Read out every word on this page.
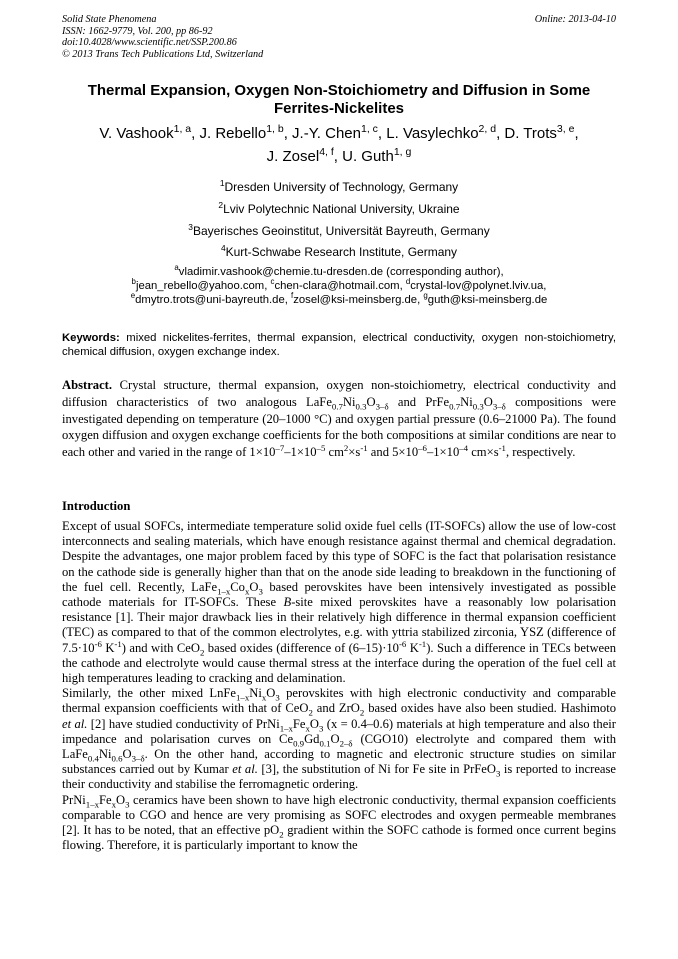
Solid State Phenomena
ISSN: 1662-9779, Vol. 200, pp 86-92
doi:10.4028/www.scientific.net/SSP.200.86
© 2013 Trans Tech Publications Ltd, Switzerland
Online: 2013-04-10
Thermal Expansion, Oxygen Non-Stoichiometry and Diffusion in Some
Ferrites-Nickelites
V. Vashook$^{1, a}$, J. Rebello$^{1, b}$, J.-Y. Chen$^{1, c}$, L. Vasylechko$^{2, d}$, D. Trots$^{3, e}$,
J. Zosel$^{4, f}$, U. Guth$^{1, g}$
$^1$Dresden University of Technology, Germany
$^2$Lviv Polytechnic National University, Ukraine
$^3$Bayerisches Geoinstitut, Universität Bayreuth, Germany
$^4$Kurt-Schwabe Research Institute, Germany
$^a$vladimir.vashook@chemie.tu-dresden.de (corresponding author),
$^b$jean_rebello@yahoo.com, $^c$chen-clara@hotmail.com, $^d$crystal-lov@polynet.lviv.ua,
$^e$dmytro.trots@uni-bayreuth.de, $^f$zosel@ksi-meinsberg.de, $^g$guth@ksi-meinsberg.de
Keywords: mixed nickelites-ferrites, thermal expansion, electrical conductivity, oxygen non-stoichiometry, chemical diffusion, oxygen exchange index.
Abstract. Crystal structure, thermal expansion, oxygen non-stoichiometry, electrical conductivity and diffusion characteristics of two analogous $LaFe_{0.7}Ni_{0.3}O_{3-\delta}$ and $PrFe_{0.7}Ni_{0.3}O_{3-\delta}$ compositions were investigated depending on temperature (20–1000 °C) and oxygen partial pressure (0.6–21000 Pa). The found oxygen diffusion and oxygen exchange coefficients for the both compositions at similar conditions are near to each other and varied in the range of $1\times 10^{-7}-1\times 10^{-5}$ $cm^2\times s^{-1}$ and $5\times 10^{-6}-1\times 10^{-4}$ $cm\times s^{-1}$, respectively.
Introduction

Except of usual SOFCs, intermediate temperature solid oxide fuel cells (IT-SOFCs) allow the use of low-cost interconnects and sealing materials, which have enough resistance against thermal and chemical degradation. Despite the advantages, one major problem faced by this type of SOFC is the fact that polarisation resistance on the cathode side is generally higher than that on the anode side leading to breakdown in the functioning of the fuel cell. Recently, $LaFe_{1-x}Co_xO_3$ based perovskites have been intensively investigated as possible cathode materials for IT-SOFCs. These B-site mixed perovskites have a reasonably low polarisation resistance [1]. Their major drawback lies in their relatively high difference in thermal expansion coefficient (TEC) as compared to that of the common electrolytes, e.g. with yttria stabilized zirconia, YSZ (difference of $7.5\cdot 10^{-6}$ $K^{-1}$) and with CeO$_2$ based oxides (difference of $(6-15)\cdot 10^{-6}$ $K^{-1}$). Such a difference in TECs between the cathode and electrolyte would cause thermal stress at the interface during the operation of the fuel cell at high temperatures leading to cracking and delamination.

Similarly, the other mixed $LnFe_{1-x}Ni_xO_3$ perovskites with high electronic conductivity and comparable thermal expansion coefficients with that of CeO$_2$ and ZrO$_2$ based oxides have also been studied. Hashimoto et al. [2] have studied conductivity of $PrNi_{1-x}Fe_xO_3$ (x = 0.4–0.6) materials at high temperature and also their impedance and polarisation curves on $Ce_{0.9}Gd_{0.1}O_{2-\delta}$ (CGO10) electrolyte and compared them with $LaFe_{0.4}Ni_{0.6}O_{3-\delta}$. On the other hand, according to magnetic and electronic structure studies on similar substances carried out by Kumar et al. [3], the substitution of Ni for Fe site in PrFeO$_3$ is reported to increase their conductivity and stabilise the ferromagnetic ordering.

$PrNi_{1-x}Fe_xO_3$ ceramics have been shown to have high electronic conductivity, thermal expansion coefficients comparable to CGO and hence are very promising as SOFC electrodes and oxygen permeable membranes [2]. It has to be noted, that an effective $pO_2$ gradient within the SOFC cathode is formed once current begins flowing. Therefore, it is particularly important to know the
